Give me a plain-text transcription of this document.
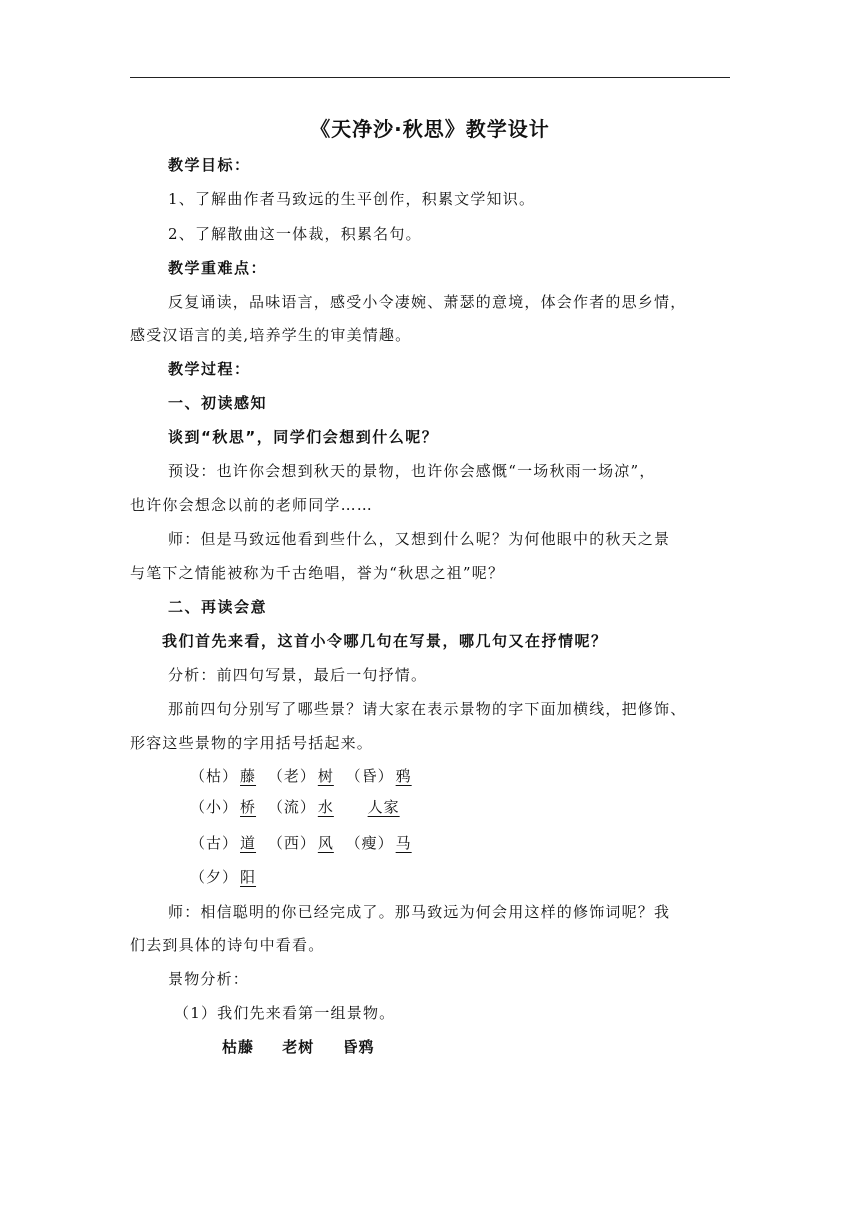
《天净沙·秋思》教学设计
教学目标：
1、了解曲作者马致远的生平创作，积累文学知识。
2、了解散曲这一体裁，积累名句。
教学重难点：
反复诵读，品味语言，感受小令凄婉、萧瑟的意境，体会作者的思乡情，
感受汉语言的美,培养学生的审美情趣。
教学过程：
一、初读感知
谈到“秋思”，同学们会想到什么呢？
预设：也许你会想到秋天的景物，也许你会感慨“一场秋雨一场凉”，
也许你会想念以前的老师同学……
师：但是马致远他看到些什么，又想到什么呢？为何他眼中的秋天之景
与笔下之情能被称为千古绝唱，誉为“秋思之祖”呢？
二、再读会意
我们首先来看，这首小令哪几句在写景，哪几句又在抒情呢？
分析：前四句写景，最后一句抒情。
那前四句分别写了哪些景？请大家在表示景物的字下面加横线，把修饰、
形容这些景物的字用括号括起来。
（枯） 藤 （老） 树 （昏） 鸦
（小） 桥 （流） 水 人家
（古） 道 （西） 风 （瘦） 马
（夕） 阳
师：相信聪明的你已经完成了。那马致远为何会用这样的修饰词呢？我
们去到具体的诗句中看看。
景物分析：
（1）我们先来看第一组景物。
枯藤 老树 昏鸦
